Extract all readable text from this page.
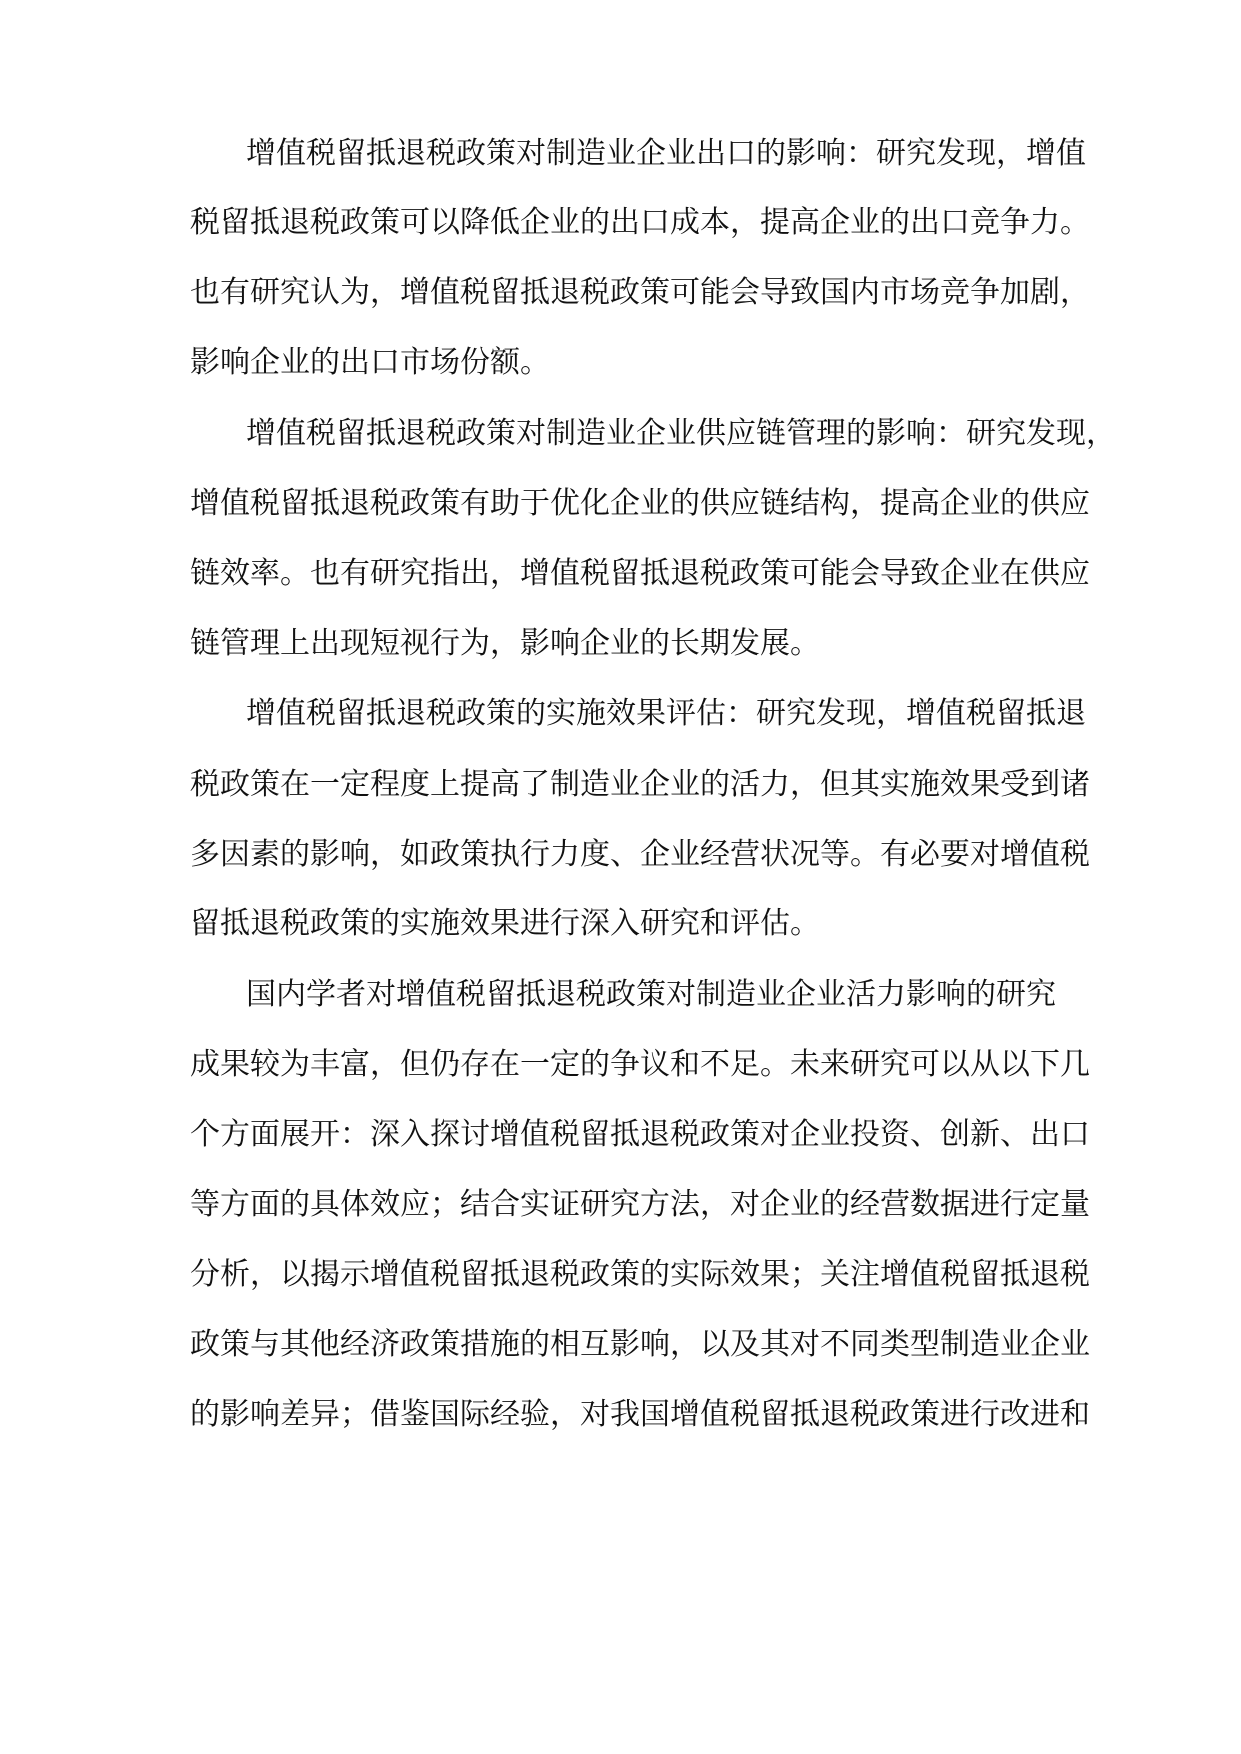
增值税留抵退税政策对制造业企业出口的影响：研究发现，增值
税留抵退税政策可以降低企业的出口成本，提高企业的出口竞争力。
也有研究认为，增值税留抵退税政策可能会导致国内市场竞争加剧，
影响企业的出口市场份额。
增值税留抵退税政策对制造业企业供应链管理的影响：研究发现，
增值税留抵退税政策有助于优化企业的供应链结构，提高企业的供应
链效率。也有研究指出，增值税留抵退税政策可能会导致企业在供应
链管理上出现短视行为，影响企业的长期发展。
增值税留抵退税政策的实施效果评估：研究发现，增值税留抵退
税政策在一定程度上提高了制造业企业的活力，但其实施效果受到诸
多因素的影响，如政策执行力度、企业经营状况等。有必要对增值税
留抵退税政策的实施效果进行深入研究和评估。
国内学者对增值税留抵退税政策对制造业企业活力影响的研究
成果较为丰富，但仍存在一定的争议和不足。未来研究可以从以下几
个方面展开：深入探讨增值税留抵退税政策对企业投资、创新、出口
等方面的具体效应；结合实证研究方法，对企业的经营数据进行定量
分析，以揭示增值税留抵退税政策的实际效果；关注增值税留抵退税
政策与其他经济政策措施的相互影响，以及其对不同类型制造业企业
的影响差异；借鉴国际经验，对我国增值税留抵退税政策进行改进和
